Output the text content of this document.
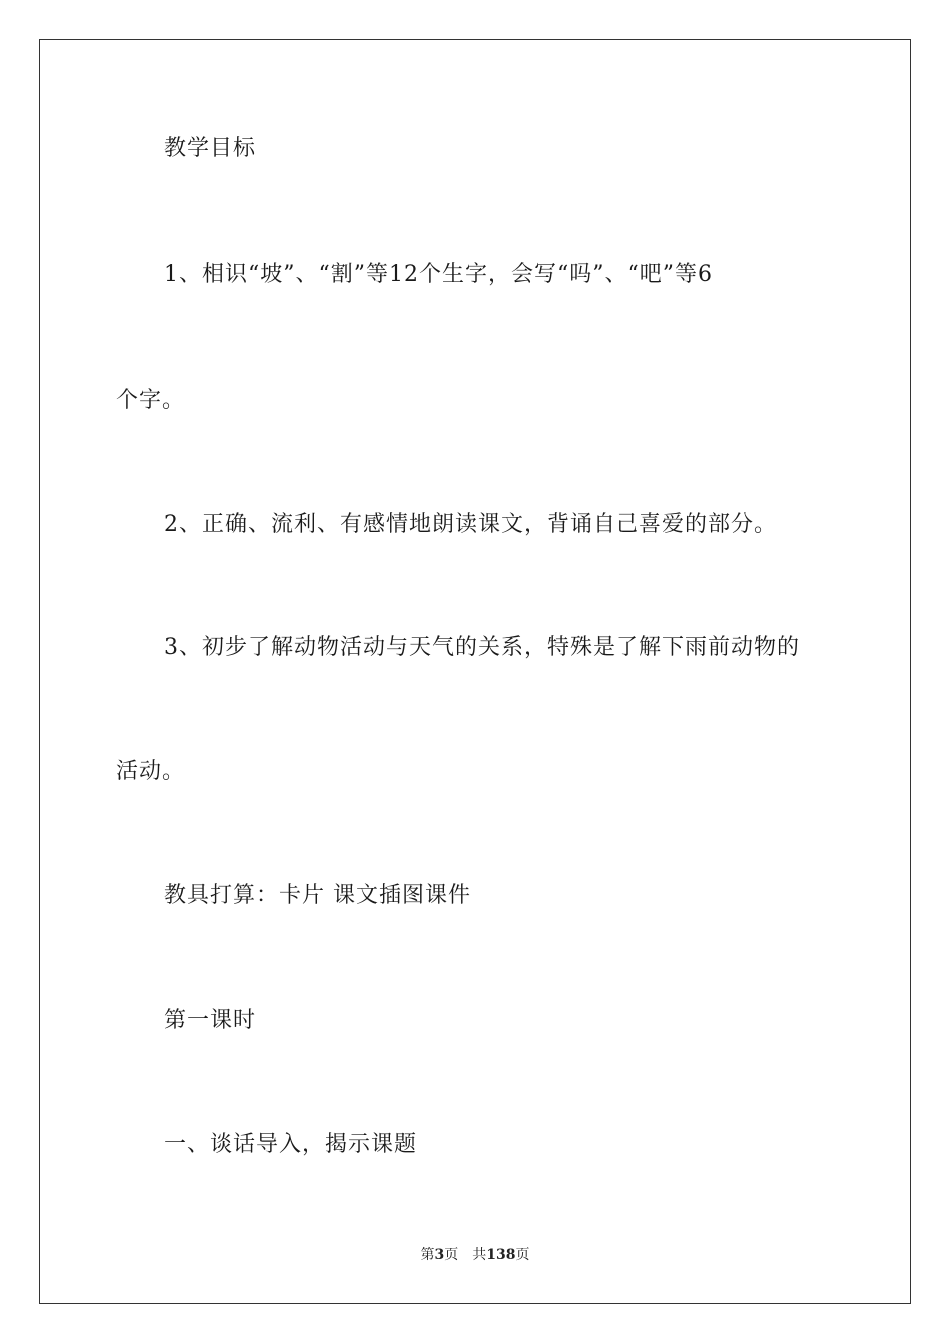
教学目标
1、相识“坡”、“割”等12个生字，会写“吗”、“吧”等6
个字。
2、正确、流利、有感情地朗读课文，背诵自己喜爱的部分。
3、初步了解动物活动与天气的关系，特殊是了解下雨前动物的
活动。
教具打算：卡片 课文插图课件
第一课时
一、谈话导入，揭示课题
第3页 共138页
